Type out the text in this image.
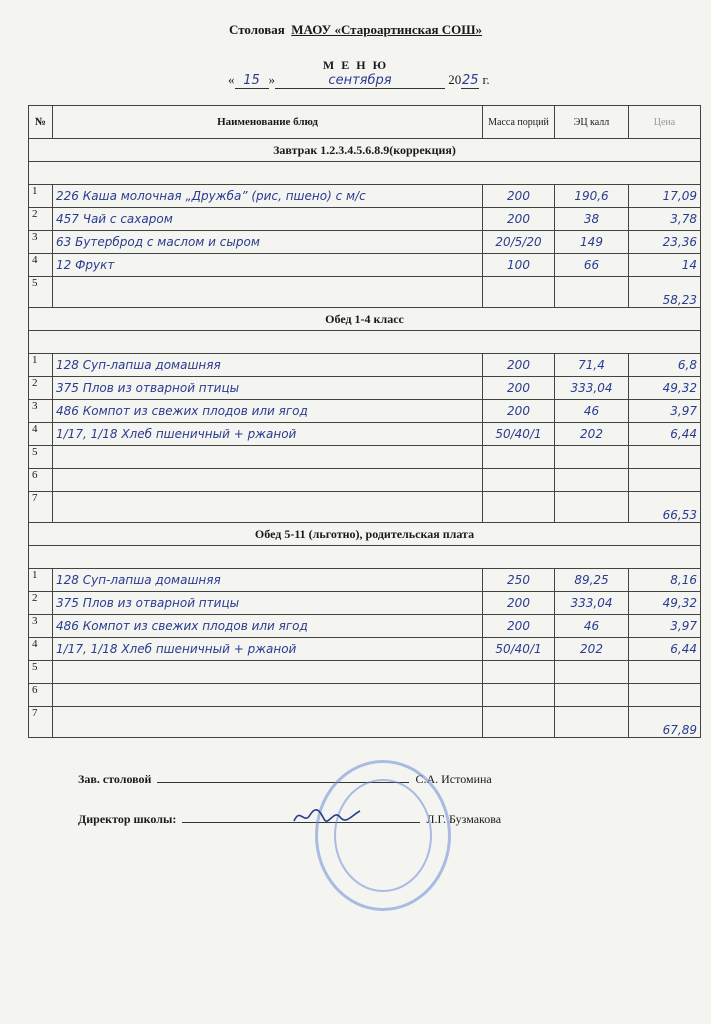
Столовая МАОУ «Староартинская СОШ»
М Е Н Ю
« 15 »	сентября	2025 г.
№	Наименование блюд	Масса порций	ЭЦ калл	Цена
Завтрак 1.2.3.4.5.6.8.9(коррекция)				

1	226 Каша молочная „Дружба” (рис, пшено) с м/с	200	190,6	17,09
2	457 Чай с сахаром	200	38	3,78
3	63 Бутерброд с маслом и сыром	20/5/20	149	23,36
4	12 Фрукт	100	66	14
5				58,23
Обед 1-4 класс				

1	128 Суп-лапша домашняя	200	71,4	6,8
2	375 Плов из отварной птицы	200	333,04	49,32
3	486 Компот из свежих плодов или ягод	200	46	3,97
4	1/17, 1/18 Хлеб пшеничный + ржаной	50/40/1	202	6,44
5				
6				
7				66,53
Обед 5-11 (льготно), родительская плата				

1	128 Суп-лапша домашняя	250	89,25	8,16
2	375 Плов из отварной птицы	200	333,04	49,32
3	486 Компот из свежих плодов или ягод	200	46	3,97
4	1/17, 1/18 Хлеб пшеничный + ржаной	50/40/1	202	6,44
5				
6				
7				67,89
Зав. столовой	С.А. Истомина
Директор школы:	Л.Г. Бузмакова
